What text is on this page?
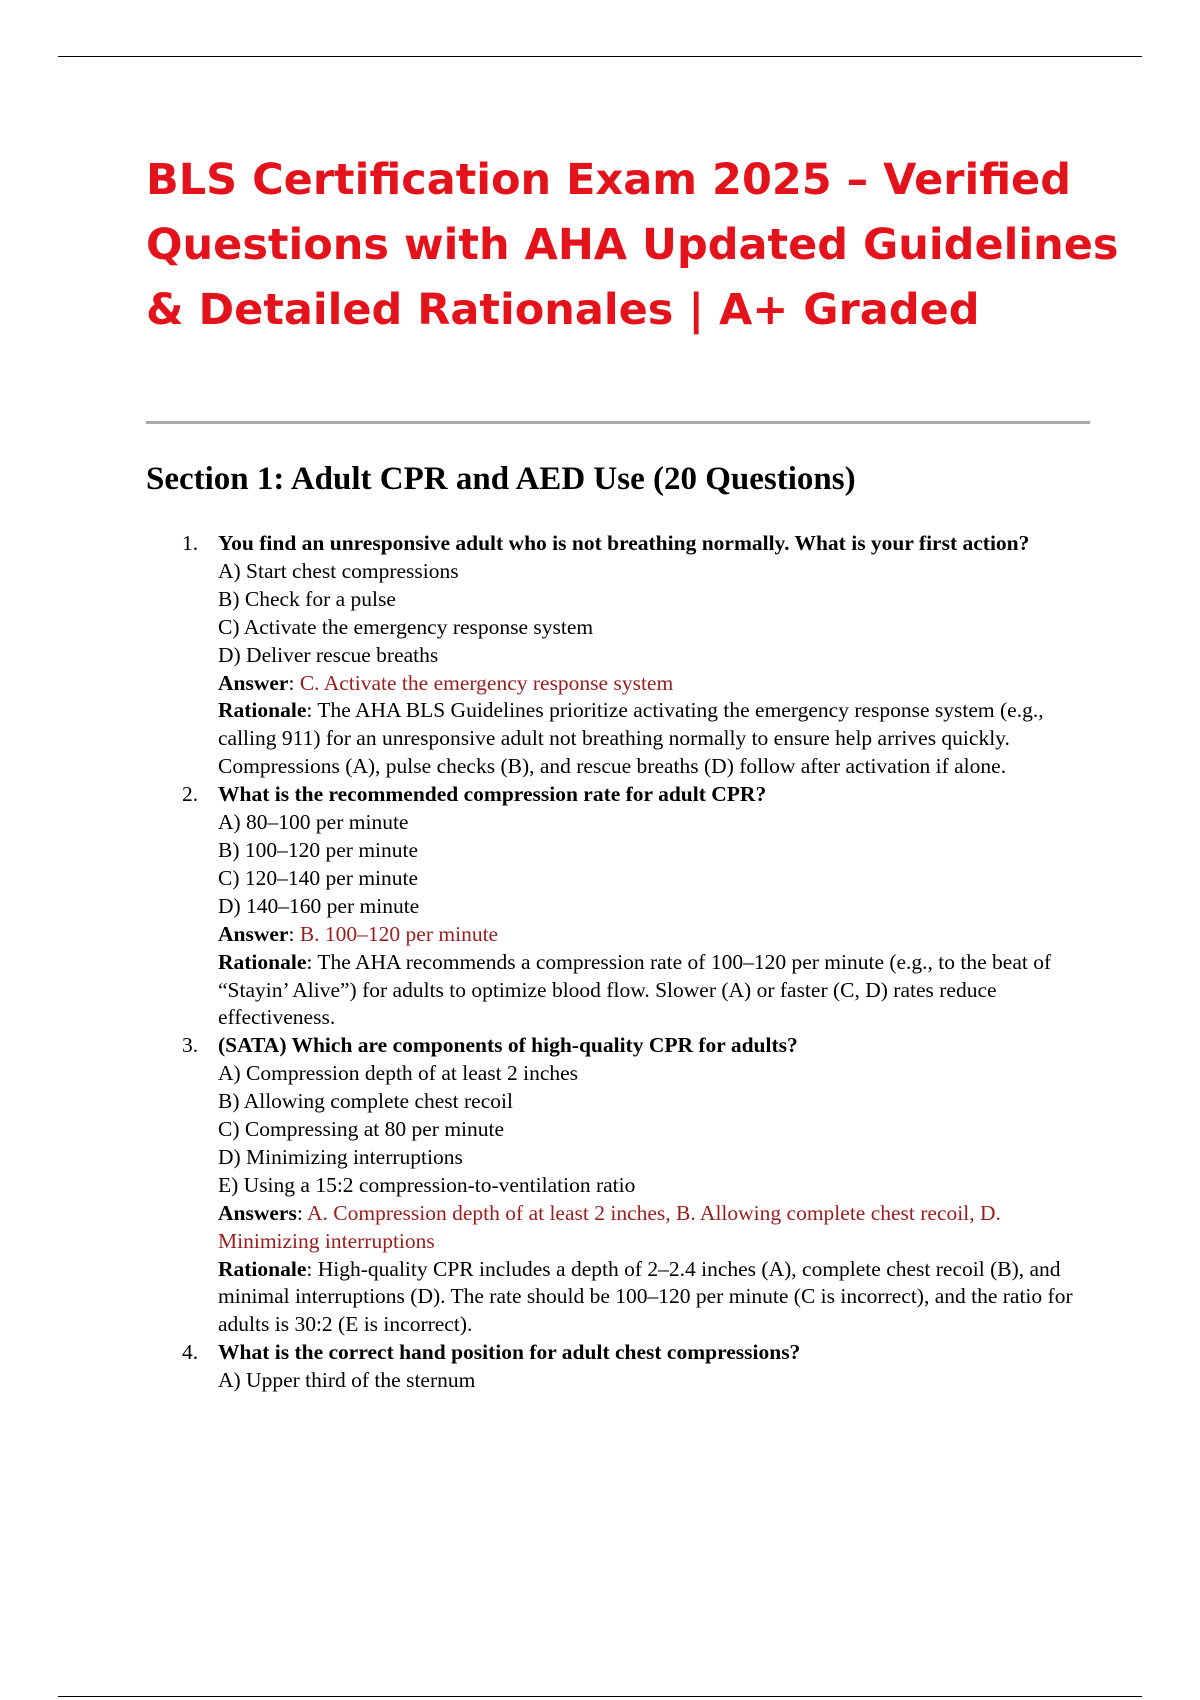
BLS Certification Exam 2025 – Verified
Questions with AHA Updated Guidelines
& Detailed Rationales | A+ Graded
Section 1: Adult CPR and AED Use (20 Questions)
1. You find an unresponsive adult who is not breathing normally. What is your first action?
A) Start chest compressions
B) Check for a pulse
C) Activate the emergency response system
D) Deliver rescue breaths
Answer: C. Activate the emergency response system
Rationale: The AHA BLS Guidelines prioritize activating the emergency response system (e.g., calling 911) for an unresponsive adult not breathing normally to ensure help arrives quickly. Compressions (A), pulse checks (B), and rescue breaths (D) follow after activation if alone.
2. What is the recommended compression rate for adult CPR?
A) 80–100 per minute
B) 100–120 per minute
C) 120–140 per minute
D) 140–160 per minute
Answer: B. 100–120 per minute
Rationale: The AHA recommends a compression rate of 100–120 per minute (e.g., to the beat of “Stayin’ Alive”) for adults to optimize blood flow. Slower (A) or faster (C, D) rates reduce effectiveness.
3. (SATA) Which are components of high-quality CPR for adults?
A) Compression depth of at least 2 inches
B) Allowing complete chest recoil
C) Compressing at 80 per minute
D) Minimizing interruptions
E) Using a 15:2 compression-to-ventilation ratio
Answers: A. Compression depth of at least 2 inches, B. Allowing complete chest recoil, D. Minimizing interruptions
Rationale: High-quality CPR includes a depth of 2–2.4 inches (A), complete chest recoil (B), and minimal interruptions (D). The rate should be 100–120 per minute (C is incorrect), and the ratio for adults is 30:2 (E is incorrect).
4. What is the correct hand position for adult chest compressions?
A) Upper third of the sternum
